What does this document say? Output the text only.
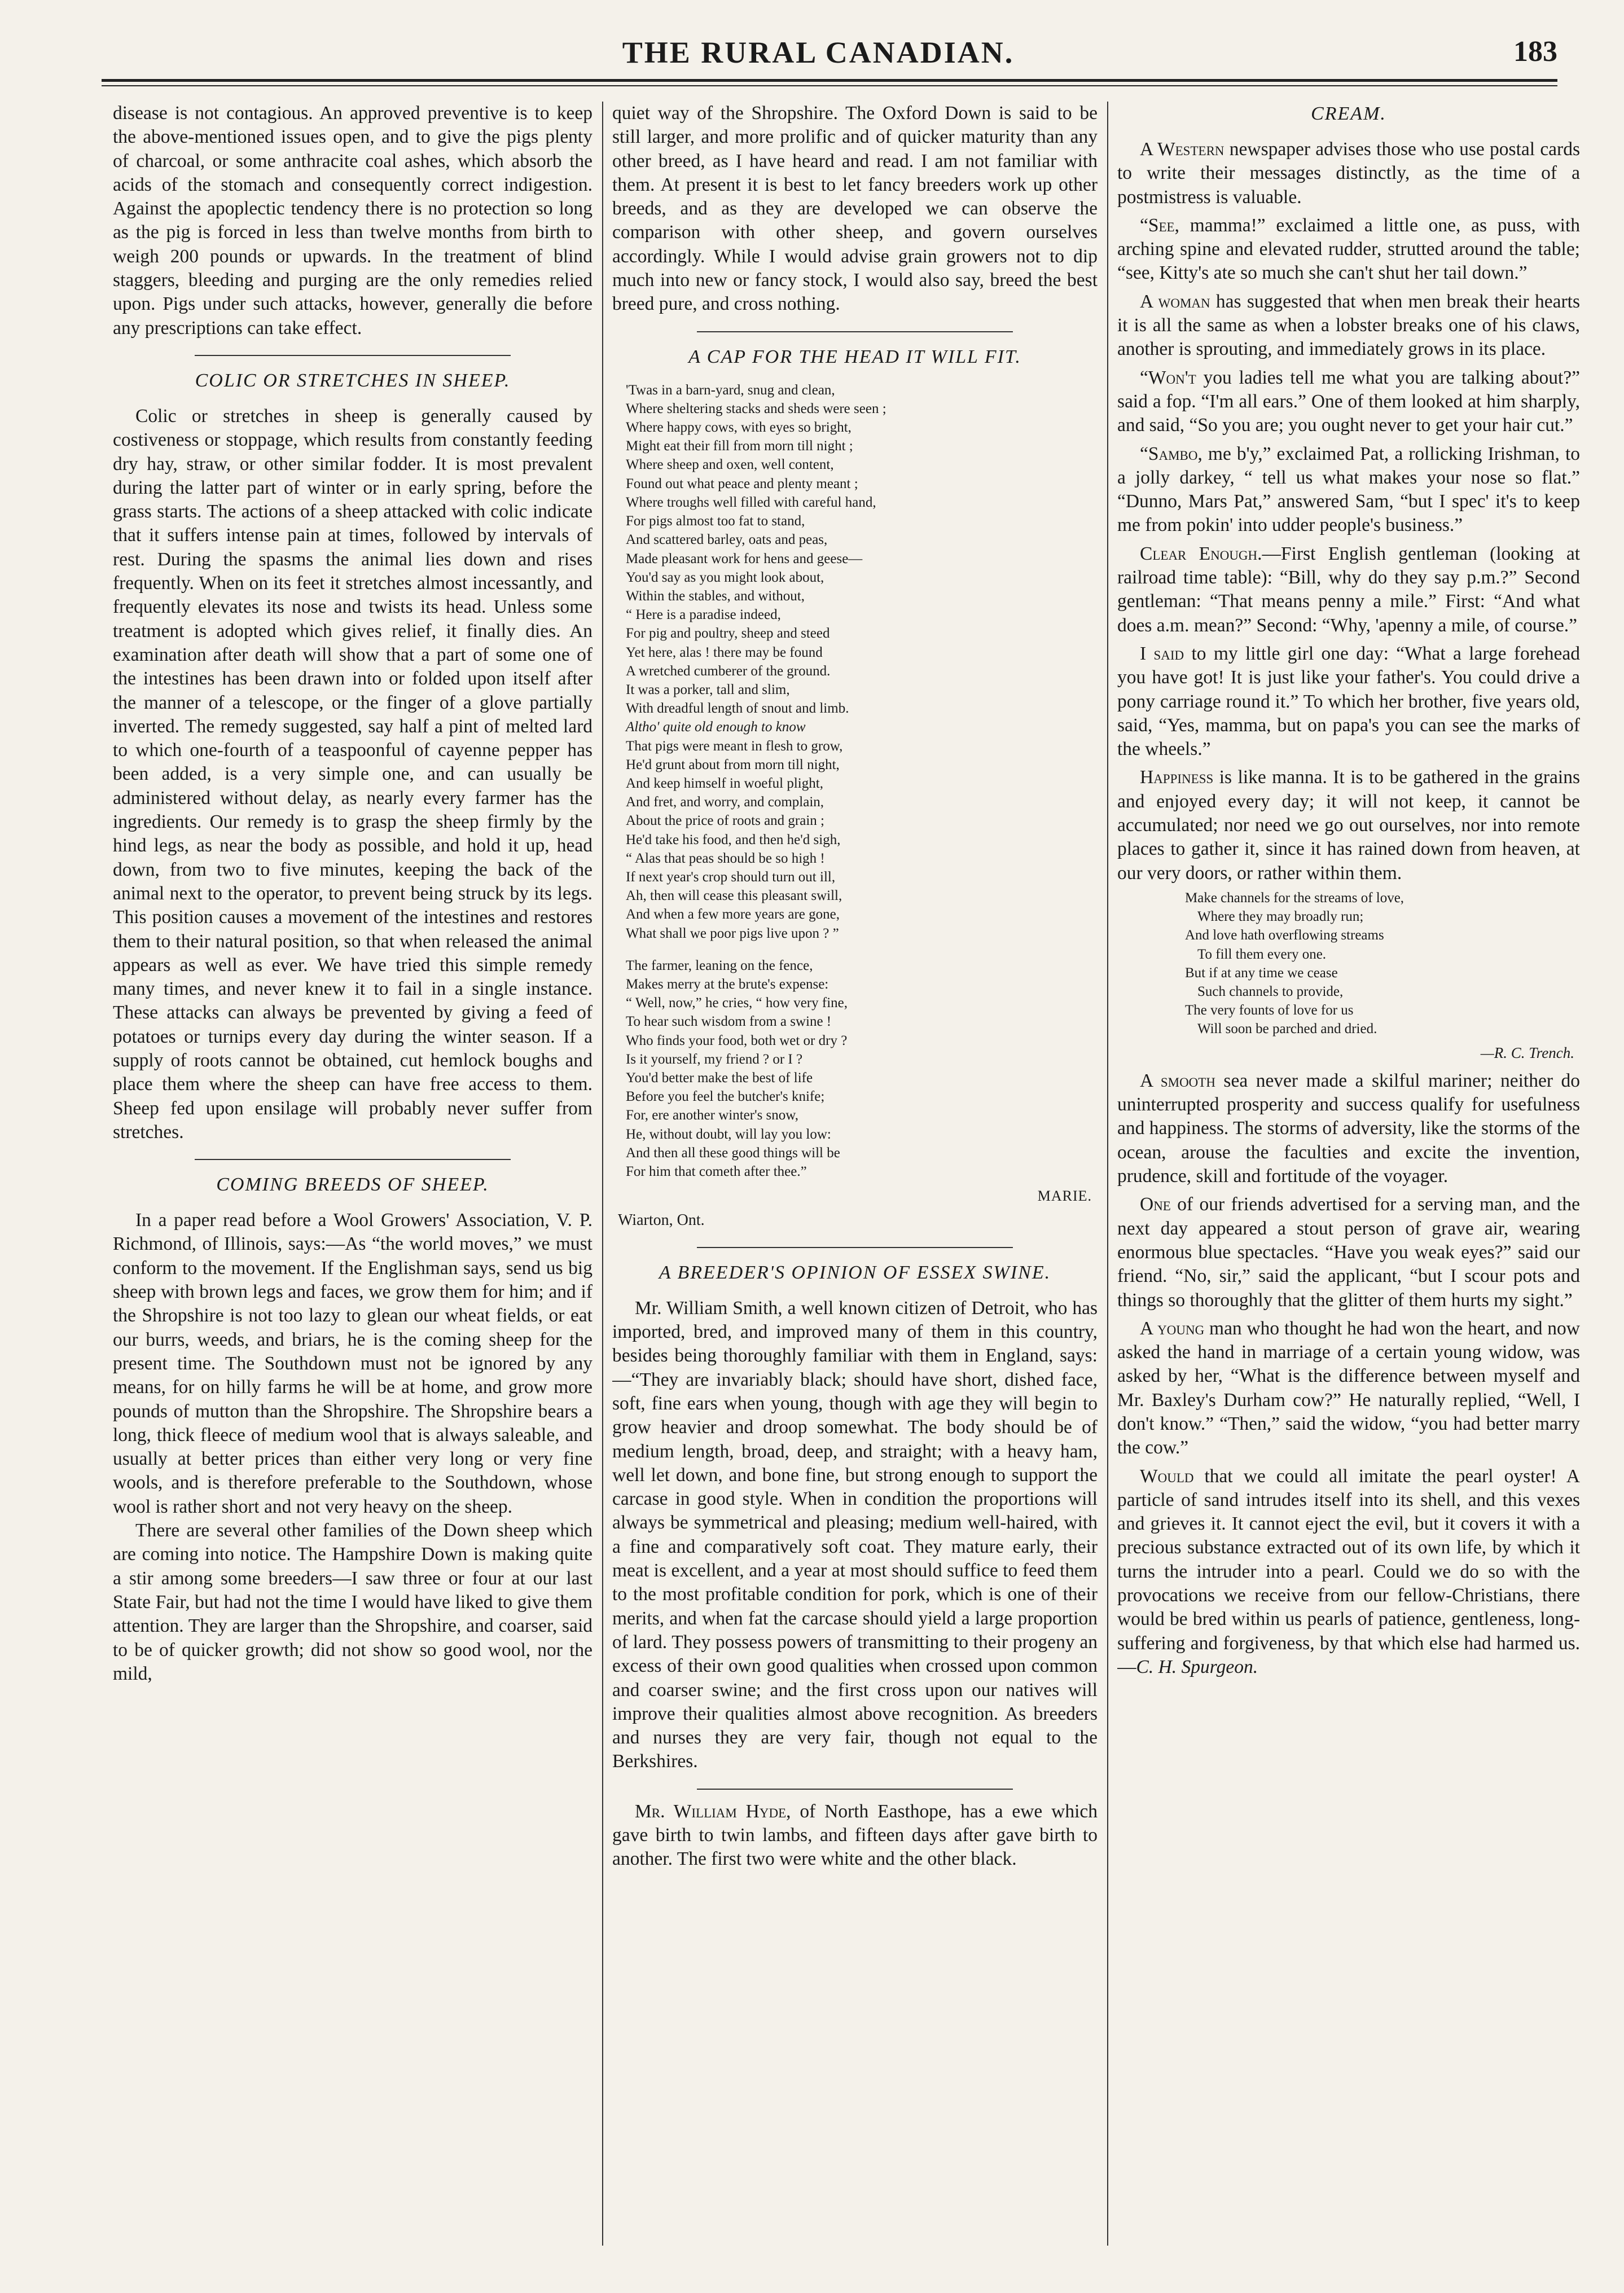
THE RURAL CANADIAN.	183

disease is not contagious. An approved preventive is to keep the above-mentioned issues open, and to give the pigs plenty of charcoal, or some anthracite coal ashes, which absorb the acids of the stomach and consequently correct indigestion. Against the apoplectic tendency there is no protection so long as the pig is forced in less than twelve months from birth to weigh 200 pounds or upwards. In the treatment of blind staggers, bleeding and purging are the only remedies relied upon. Pigs under such attacks, however, generally die before any prescriptions can take effect.

COLIC OR STRETCHES IN SHEEP.

Colic or stretches in sheep is generally caused by costiveness or stoppage, which results from constantly feeding dry hay, straw, or other similar fodder. It is most prevalent during the latter part of winter or in early spring, before the grass starts. The actions of a sheep attacked with colic indicate that it suffers intense pain at times, followed by intervals of rest. During the spasms the animal lies down and rises frequently. When on its feet it stretches almost incessantly, and frequently elevates its nose and twists its head. Unless some treatment is adopted which gives relief, it finally dies. An examination after death will show that a part of some one of the intestines has been drawn into or folded upon itself after the manner of a telescope, or the finger of a glove partially inverted. The remedy suggested, say half a pint of melted lard to which one-fourth of a teaspoonful of cayenne pepper has been added, is a very simple one, and can usually be administered without delay, as nearly every farmer has the ingredients. Our remedy is to grasp the sheep firmly by the hind legs, as near the body as possible, and hold it up, head down, from two to five minutes, keeping the back of the animal next to the operator, to prevent being struck by its legs. This position causes a movement of the intestines and restores them to their natural position, so that when released the animal appears as well as ever. We have tried this simple remedy many times, and never knew it to fail in a single instance. These attacks can always be prevented by giving a feed of potatoes or turnips every day during the winter season. If a supply of roots cannot be obtained, cut hemlock boughs and place them where the sheep can have free access to them. Sheep fed upon ensilage will probably never suffer from stretches.

COMING BREEDS OF SHEEP.

In a paper read before a Wool Growers' Association, V. P. Richmond, of Illinois, says:—As “the world moves,” we must conform to the movement. If the Englishman says, send us big sheep with brown legs and faces, we grow them for him; and if the Shropshire is not too lazy to glean our wheat fields, or eat our burrs, weeds, and briars, he is the coming sheep for the present time. The Southdown must not be ignored by any means, for on hilly farms he will be at home, and grow more pounds of mutton than the Shropshire. The Shropshire bears a long, thick fleece of medium wool that is always saleable, and usually at better prices than either very long or very fine wools, and is therefore preferable to the Southdown, whose wool is rather short and not very heavy on the sheep.

There are several other families of the Down sheep which are coming into notice. The Hampshire Down is making quite a stir among some breeders—I saw three or four at our last State Fair, but had not the time I would have liked to give them attention. They are larger than the Shropshire, and coarser, said to be of quicker growth; did not show so good wool, nor the mild,

quiet way of the Shropshire. The Oxford Down is said to be still larger, and more prolific and of quicker maturity than any other breed, as I have heard and read. I am not familiar with them. At present it is best to let fancy breeders work up other breeds, and as they are developed we can observe the comparison with other sheep, and govern ourselves accordingly. While I would advise grain growers not to dip much into new or fancy stock, I would also say, breed the best breed pure, and cross nothing.

A CAP FOR THE HEAD IT WILL FIT.
'Twas in a barn-yard, snug and clean,
Where sheltering stacks and sheds were seen ;
Where happy cows, with eyes so bright,
Might eat their fill from morn till night ;
Where sheep and oxen, well content,
Found out what peace and plenty meant ;
Where troughs well filled with careful hand,
For pigs almost too fat to stand,
And scattered barley, oats and peas,
Made pleasant work for hens and geese—
You'd say as you might look about,
Within the stables, and without,
“ Here is a paradise indeed,
For pig and poultry, sheep and steed
Yet here, alas ! there may be found
A wretched cumberer of the ground.
It was a porker, tall and slim,
With dreadful length of snout and limb.
Altho' quite old enough to know
That pigs were meant in flesh to grow,
He'd grunt about from morn till night,
And keep himself in woeful plight,
And fret, and worry, and complain,
About the price of roots and grain ;
He'd take his food, and then he'd sigh,
“ Alas that peas should be so high !
If next year's crop should turn out ill,
Ah, then will cease this pleasant swill,
And when a few more years are gone,
What shall we poor pigs live upon ? ”
The farmer, leaning on the fence,
Makes merry at the brute's expense:
“ Well, now,” he cries, “ how very fine,
To hear such wisdom from a swine !
Who finds your food, both wet or dry ?
Is it yourself, my friend ? or I ?
You'd better make the best of life
Before you feel the butcher's knife;
For, ere another winter's snow,
He, without doubt, will lay you low:
And then all these good things will be
For him that cometh after thee.”
MARIE.
Wiarton, Ont.
A BREEDER'S OPINION OF ESSEX SWINE.

Mr. William Smith, a well known citizen of Detroit, who has imported, bred, and improved many of them in this country, besides being thoroughly familiar with them in England, says:—“They are invariably black; should have short, dished face, soft, fine ears when young, though with age they will begin to grow heavier and droop somewhat. The body should be of medium length, broad, deep, and straight; with a heavy ham, well let down, and bone fine, but strong enough to support the carcase in good style. When in condition the proportions will always be symmetrical and pleasing; medium well-haired, with a fine and comparatively soft coat. They mature early, their meat is excellent, and a year at most should suffice to feed them to the most profitable condition for pork, which is one of their merits, and when fat the carcase should yield a large proportion of lard. They possess powers of transmitting to their progeny an excess of their own good qualities when crossed upon common and coarser swine; and the first cross upon our natives will improve their qualities almost above recognition. As breeders and nurses they are very fair, though not equal to the Berkshires.

Mr. William Hyde, of North Easthope, has a ewe which gave birth to twin lambs, and fifteen days after gave birth to another. The first two were white and the other black.

CREAM.

A Western newspaper advises those who use postal cards to write their messages distinctly, as the time of a postmistress is valuable.

“See, mamma!” exclaimed a little one, as puss, with arching spine and elevated rudder, strutted around the table; “see, Kitty's ate so much she can't shut her tail down.”

A woman has suggested that when men break their hearts it is all the same as when a lobster breaks one of his claws, another is sprouting, and immediately grows in its place.

“Won't you ladies tell me what you are talking about?” said a fop. “I'm all ears.” One of them looked at him sharply, and said, “So you are; you ought never to get your hair cut.”

“Sambo, me b'y,” exclaimed Pat, a rollicking Irishman, to a jolly darkey, “ tell us what makes your nose so flat.” “Dunno, Mars Pat,” answered Sam, “but I spec' it's to keep me from pokin' into udder people's business.”

Clear Enough.—First English gentleman (looking at railroad time table): “Bill, why do they say p.m.?” Second gentleman: “That means penny a mile.” First: “And what does a.m. mean?” Second: “Why, 'apenny a mile, of course.”

I said to my little girl one day: “What a large forehead you have got! It is just like your father's. You could drive a pony carriage round it.” To which her brother, five years old, said, “Yes, mamma, but on papa's you can see the marks of the wheels.”

Happiness is like manna. It is to be gathered in the grains and enjoyed every day; it will not keep, it cannot be accumulated; nor need we go out ourselves, nor into remote places to gather it, since it has rained down from heaven, at our very doors, or rather within them.

Make channels for the streams of love,
Where they may broadly run;
And love hath overflowing streams
To fill them every one.
But if at any time we cease
Such channels to provide,
The very founts of love for us
Will soon be parched and dried.
—R. C. Trench.

A smooth sea never made a skilful mariner; neither do uninterrupted prosperity and success qualify for usefulness and happiness. The storms of adversity, like the storms of the ocean, arouse the faculties and excite the invention, prudence, skill and fortitude of the voyager.

One of our friends advertised for a serving man, and the next day appeared a stout person of grave air, wearing enormous blue spectacles. “Have you weak eyes?” said our friend. “No, sir,” said the applicant, “but I scour pots and things so thoroughly that the glitter of them hurts my sight.”

A young man who thought he had won the heart, and now asked the hand in marriage of a certain young widow, was asked by her, “What is the difference between myself and Mr. Baxley's Durham cow?” He naturally replied, “Well, I don't know.” “Then,” said the widow, “you had better marry the cow.”

Would that we could all imitate the pearl oyster! A particle of sand intrudes itself into its shell, and this vexes and grieves it. It cannot eject the evil, but it covers it with a precious substance extracted out of its own life, by which it turns the intruder into a pearl. Could we do so with the provocations we receive from our fellow-Christians, there would be bred within us pearls of patience, gentleness, long-suffering and forgiveness, by that which else had harmed us.—C. H. Spurgeon.
